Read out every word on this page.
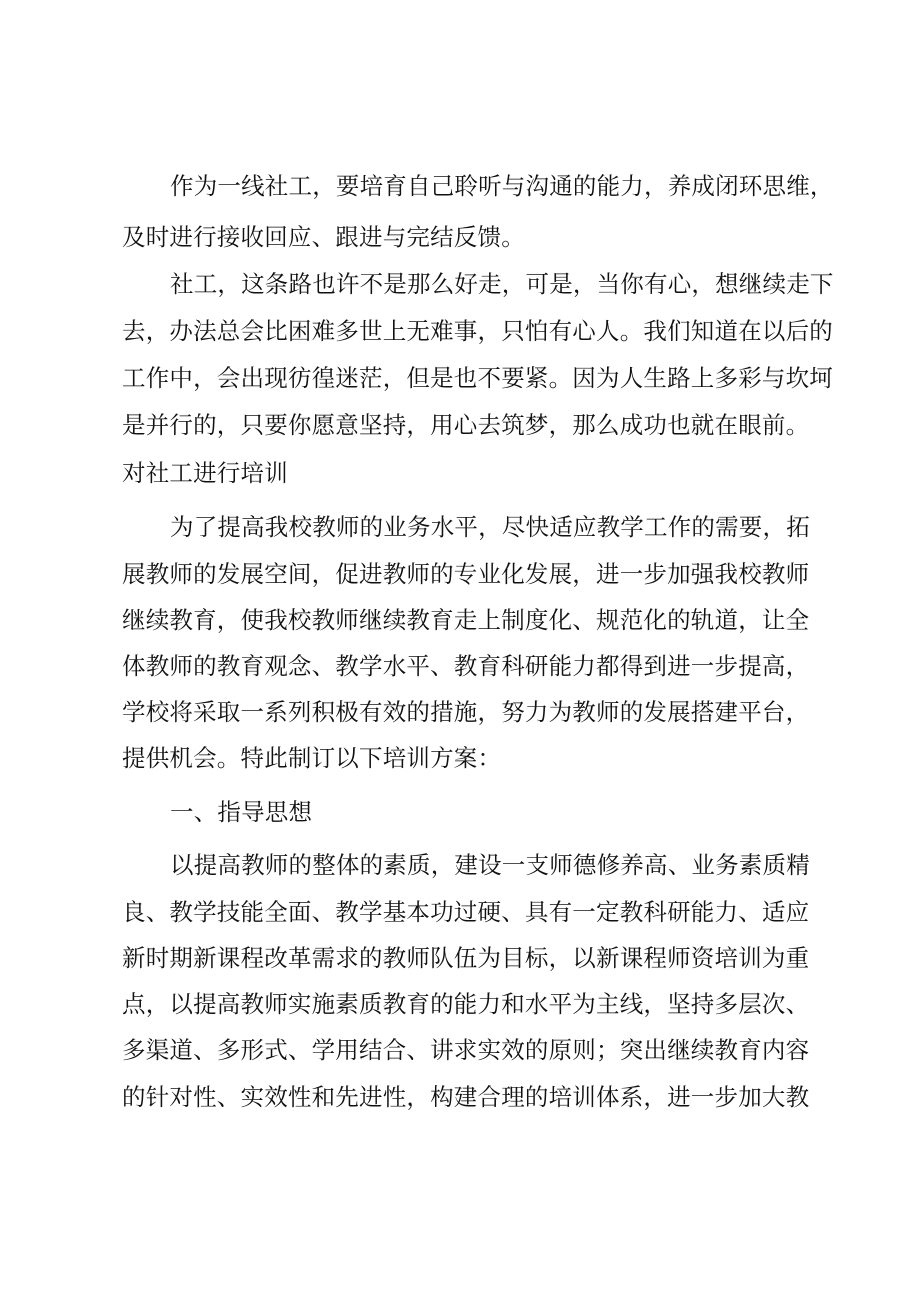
作为一线社工，要培育自己聆听与沟通的能力，养成闭环思维，
及时进行接收回应、跟进与完结反馈。
社工，这条路也许不是那么好走，可是，当你有心，想继续走下
去，办法总会比困难多世上无难事，只怕有心人。我们知道在以后的
工作中，会出现彷徨迷茫，但是也不要紧。因为人生路上多彩与坎坷
是并行的，只要你愿意坚持，用心去筑梦，那么成功也就在眼前。
对社工进行培训
为了提高我校教师的业务水平，尽快适应教学工作的需要，拓
展教师的发展空间，促进教师的专业化发展，进一步加强我校教师
继续教育，使我校教师继续教育走上制度化、规范化的轨道，让全
体教师的教育观念、教学水平、教育科研能力都得到进一步提高，
学校将采取一系列积极有效的措施，努力为教师的发展搭建平台，
提供机会。特此制订以下培训方案：
一、指导思想
以提高教师的整体的素质，建设一支师德修养高、业务素质精
良、教学技能全面、教学基本功过硬、具有一定教科研能力、适应
新时期新课程改革需求的教师队伍为目标，以新课程师资培训为重
点，以提高教师实施素质教育的能力和水平为主线，坚持多层次、
多渠道、多形式、学用结合、讲求实效的原则；突出继续教育内容
的针对性、实效性和先进性，构建合理的培训体系，进一步加大教
